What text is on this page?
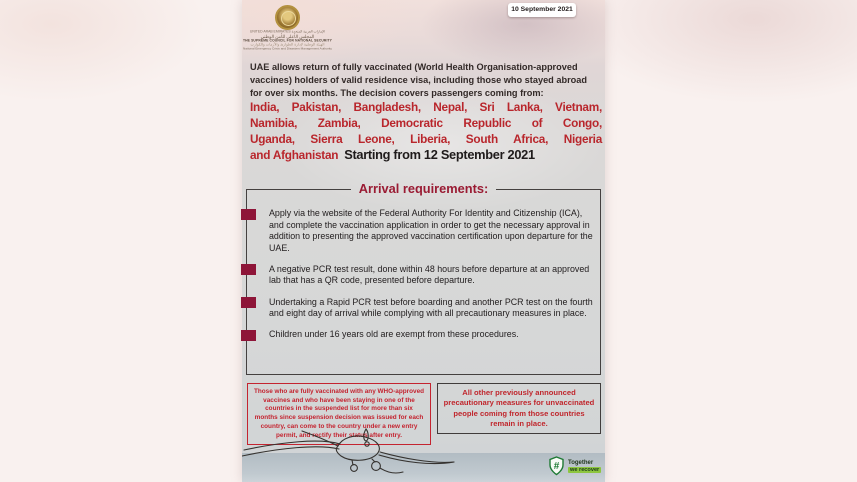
UNITED ARAB EMIRATES الإمارات العربية المتحدة
المجلس الأعلى للأمن الوطني
THE SUPREME COUNCIL FOR NATIONAL SECURITY
الهيئة الوطنية لإدارة الطوارئ والأزمات والكوارث
National Emergency Crisis and Disasters Management Authority
10 September 2021
UAE allows return of fully vaccinated (World Health Organisation-approved vaccines) holders of valid residence visa, including those who stayed abroad for over six months. The decision covers passengers coming from:
India, Pakistan, Bangladesh, Nepal, Sri Lanka, Vietnam,
Namibia, Zambia, Democratic Republic of Congo,
Uganda, Sierra Leone, Liberia, South Africa, Nigeria
and Afghanistan Starting from 12 September 2021
Arrival requirements:
Apply via the website of the Federal Authority For Identity and Citizenship (ICA), and complete the vaccination application in order to get the necessary approval in addition to presenting the approved vaccination certification upon departure for the UAE.
A negative PCR test result, done within 48 hours before departure at an approved lab that has a QR code, presented before departure.
Undertaking a Rapid PCR test before boarding and another PCR test on the fourth and eight day of arrival while complying with all precautionary measures in place.
Children under 16 years old are exempt from these procedures.
Those who are fully vaccinated with any WHO-approved vaccines and who have been staying in one of the countries in the suspended list for more than six months since suspension decision was issued for each country, can come to the country under a new entry permit, and rectify their status after entry.
All other previously announced precautionary measures for unvaccinated people coming from those countries remain in place.
# Together
we recover
